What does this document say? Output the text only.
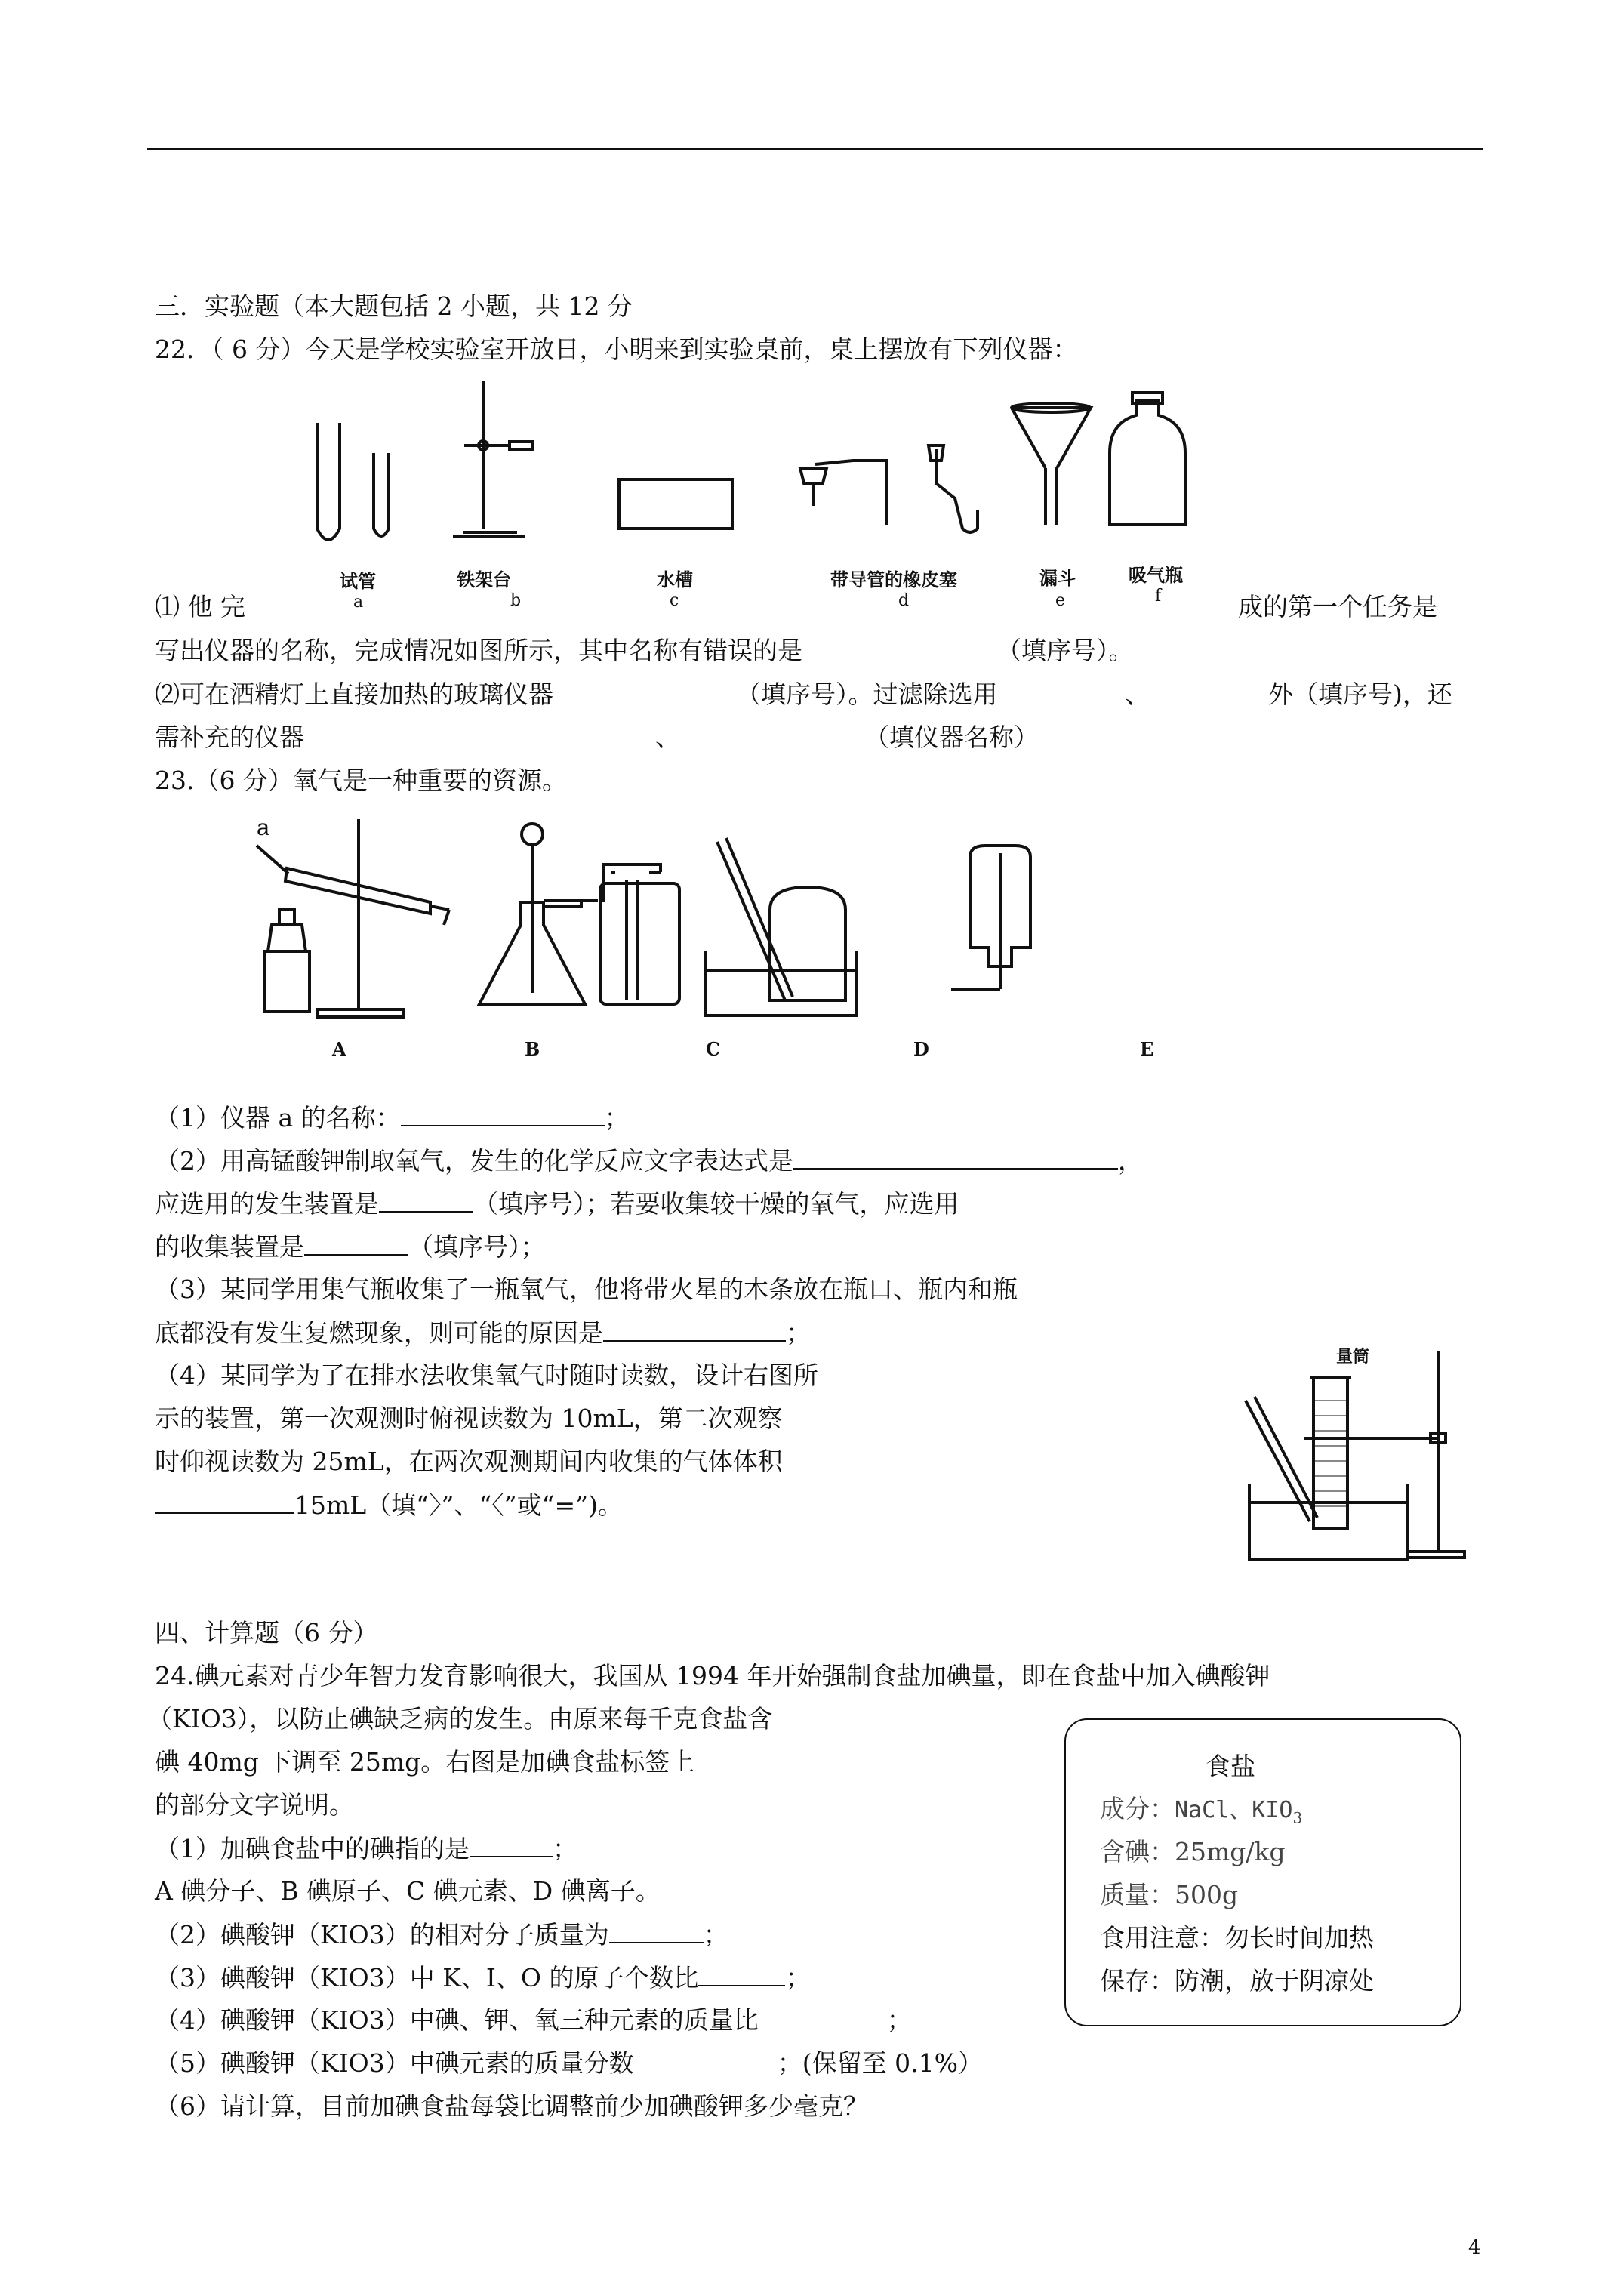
三．实验题（本大题包括 2 小题，共 12 分
22．（ 6 分）今天是学校实验室开放日，小明来到实验桌前，桌上摆放有下列仪器：
试管	铁架台	水槽	带导管的橡皮塞	漏斗	吸气瓶
a	b	c	d	e	f
⑴ 他 完	成的第一个任务是
写出仪器的名称，完成情况如图所示，其中名称有错误的是	（填序号）。
⑵可在酒精灯上直接加热的玻璃仪器	（填序号）。过滤除选用	、	外（填序号)，还
需补充的仪器	、	（填仪器名称）
23.（6 分）氧气是一种重要的资源。
a
A	B	C	D	E
（1）仪器 a 的名称：	；
（2）用高锰酸钾制取氧气，发生的化学反应文字表达式是	，
应选用的发生装置是	（填序号）；若要收集较干燥的氧气，应选用
的收集装置是	（填序号）；
（3）某同学用集气瓶收集了一瓶氧气，他将带火星的木条放在瓶口、瓶内和瓶
底都没有发生复燃现象，则可能的原因是	；
（4）某同学为了在排水法收集氧气时随时读数，设计右图所
示的装置，第一次观测时俯视读数为 10mL，第二次观察
时仰视读数为 25mL，在两次观测期间内收集的气体体积
15mL（填“〉”、“〈”或“=”)。
量筒
四、计算题（6 分）
24.碘元素对青少年智力发育影响很大，我国从 1994 年开始强制食盐加碘量，即在食盐中加入碘酸钾
（KIO3），以防止碘缺乏病的发生。由原来每千克食盐含
碘 40mg 下调至 25mg。右图是加碘食盐标签上
的部分文字说明。
（1）加碘食盐中的碘指的是	；
A 碘分子、B 碘原子、C 碘元素、D 碘离子。
（2）碘酸钾（KIO3）的相对分子质量为	；
（3）碘酸钾（KIO3）中 K、I、O 的原子个数比	；
（4）碘酸钾（KIO3）中碘、钾、氧三种元素的质量比	；
（5）碘酸钾（KIO3）中碘元素的质量分数	；(保留至 0.1%）
（6）请计算，目前加碘食盐每袋比调整前少加碘酸钾多少毫克？
食盐
成分：NaCl、$KIO_3$
含碘：25mg/kg
质量：500g
食用注意：勿长时间加热
保存：防潮，放于阴凉处
4
